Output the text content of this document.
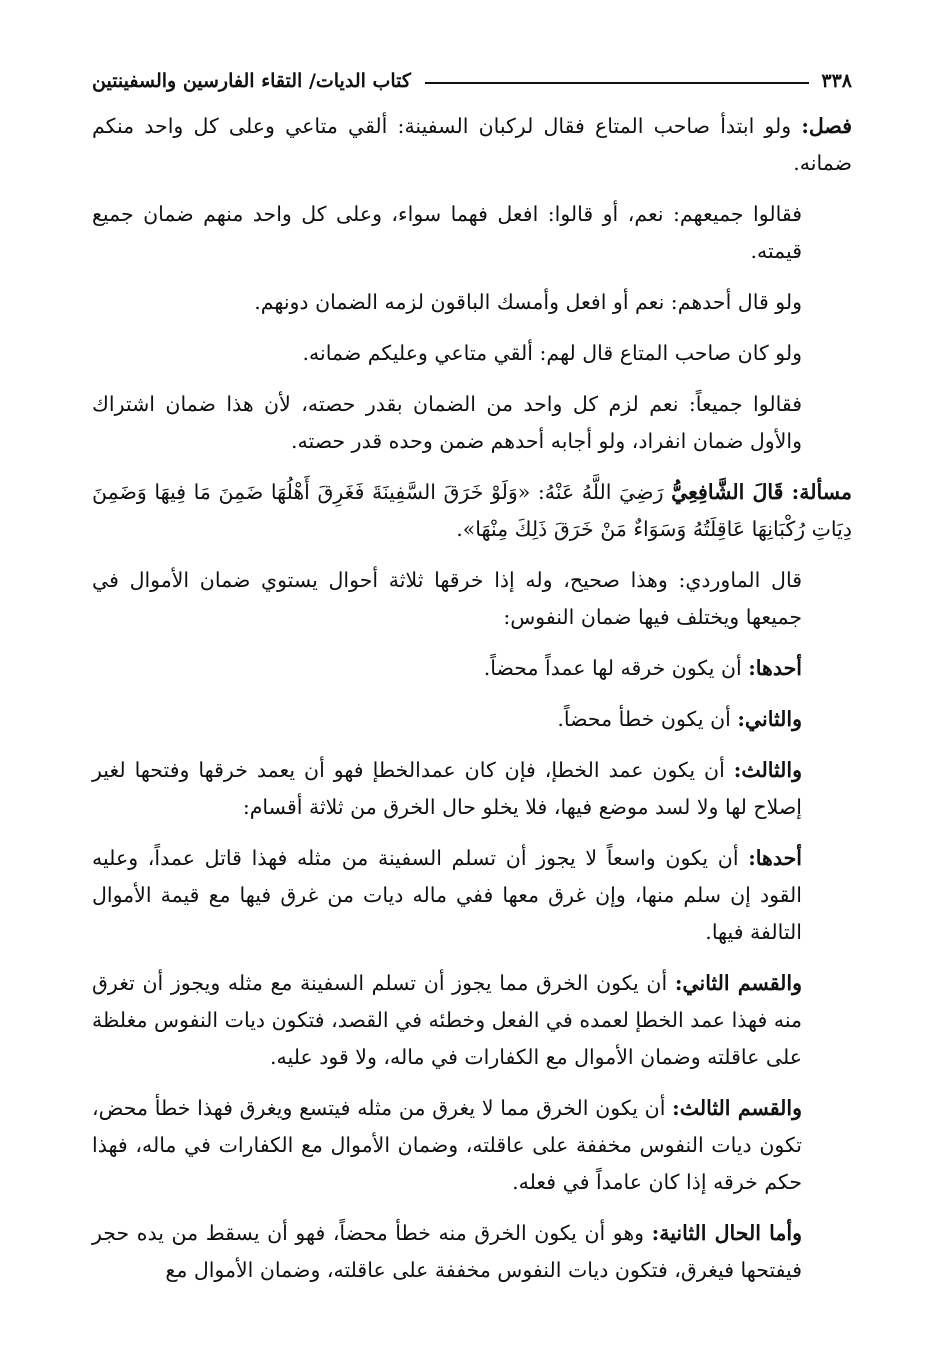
٣٣٨
كتاب الديات/ التقاء الفارسين والسفينتين

فصل: ولو ابتدأ صاحب المتاع فقال لركبان السفينة: ألقي متاعي وعلى كل واحد منكم ضمانه.

فقالوا جميعهم: نعم، أو قالوا: افعل فهما سواء، وعلى كل واحد منهم ضمان جميع قيمته.

ولو قال أحدهم: نعم أو افعل وأمسك الباقون لزمه الضمان دونهم.

ولو كان صاحب المتاع قال لهم: ألقي متاعي وعليكم ضمانه.

فقالوا جميعاً: نعم لزم كل واحد من الضمان بقدر حصته، لأن هذا ضمان اشتراك والأول ضمان انفراد، ولو أجابه أحدهم ضمن وحده قدر حصته.

مسألة: قَالَ الشَّافِعِيُّ رَضِيَ اللَّهُ عَنْهُ: «وَلَوْ خَرَقَ السَّفِينَةَ فَغَرِقَ أَهْلُهَا ضَمِنَ مَا فِيهَا وَضَمِنَ دِيَاتِ رُكْبَانِهَا عَاقِلَتُهُ وَسَوَاءٌ مَنْ خَرَقَ ذَلِكَ مِنْهَا».

قال الماوردي: وهذا صحيح، وله إذا خرقها ثلاثة أحوال يستوي ضمان الأموال في جميعها ويختلف فيها ضمان النفوس:

أحدها: أن يكون خرقه لها عمداً محضاً.

والثاني: أن يكون خطأ محضاً.

والثالث: أن يكون عمد الخطإ، فإن كان عمدالخطإ فهو أن يعمد خرقها وفتحها لغير إصلاح لها ولا لسد موضع فيها، فلا يخلو حال الخرق من ثلاثة أقسام:

أحدها: أن يكون واسعاً لا يجوز أن تسلم السفينة من مثله فهذا قاتل عمداً، وعليه القود إن سلم منها، وإن غرق معها ففي ماله ديات من غرق فيها مع قيمة الأموال التالفة فيها.

والقسم الثاني: أن يكون الخرق مما يجوز أن تسلم السفينة مع مثله ويجوز أن تغرق منه فهذا عمد الخطإ لعمده في الفعل وخطئه في القصد، فتكون ديات النفوس مغلظة على عاقلته وضمان الأموال مع الكفارات في ماله، ولا قود عليه.

والقسم الثالث: أن يكون الخرق مما لا يغرق من مثله فيتسع ويغرق فهذا خطأ محض، تكون ديات النفوس مخففة على عاقلته، وضمان الأموال مع الكفارات في ماله، فهذا حكم خرقه إذا كان عامداً في فعله.

وأما الحال الثانية: وهو أن يكون الخرق منه خطأ محضاً، فهو أن يسقط من يده حجر فيفتحها فيغرق، فتكون ديات النفوس مخففة على عاقلته، وضمان الأموال مع
